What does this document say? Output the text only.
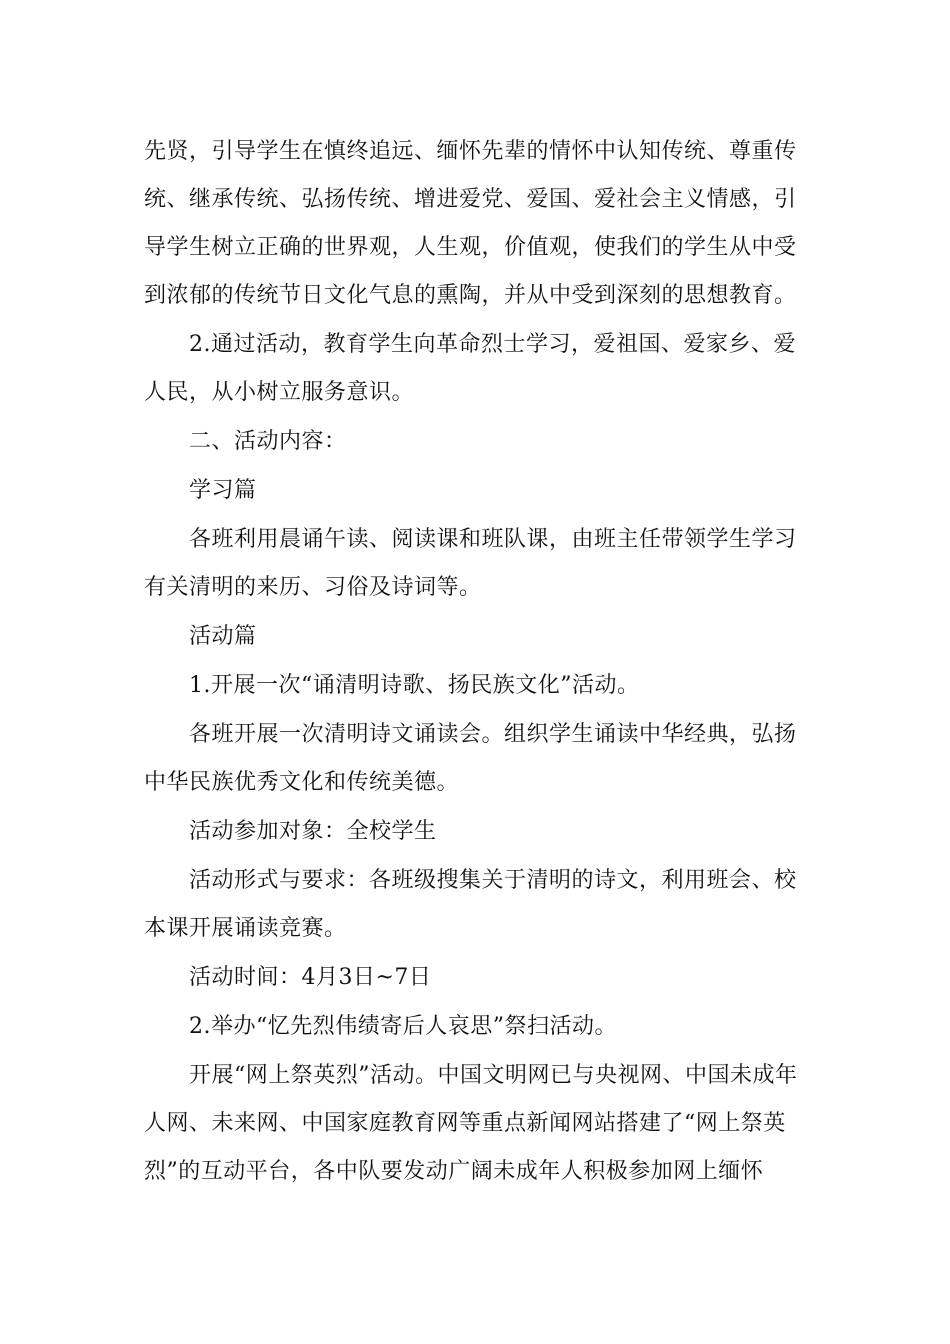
先贤，引导学生在慎终追远、缅怀先辈的情怀中认知传统、尊重传统、继承传统、弘扬传统、增进爱党、爱国、爱社会主义情感，引导学生树立正确的世界观，人生观，价值观，使我们的学生从中受到浓郁的传统节日文化气息的熏陶，并从中受到深刻的思想教育。

2.通过活动，教育学生向革命烈士学习，爱祖国、爱家乡、爱人民，从小树立服务意识。

二、活动内容：

学习篇

各班利用晨诵午读、阅读课和班队课，由班主任带领学生学习有关清明的来历、习俗及诗词等。

活动篇

1.开展一次“诵清明诗歌、扬民族文化”活动。

各班开展一次清明诗文诵读会。组织学生诵读中华经典，弘扬中华民族优秀文化和传统美德。

活动参加对象：全校学生

活动形式与要求：各班级搜集关于清明的诗文，利用班会、校本课开展诵读竞赛。

活动时间：4月3日~7日

2.举办“忆先烈伟绩寄后人哀思”祭扫活动。

开展“网上祭英烈”活动。中国文明网已与央视网、中国未成年人网、未来网、中国家庭教育网等重点新闻网站搭建了“网上祭英烈”的互动平台，各中队要发动广阔未成年人积极参加网上缅怀
